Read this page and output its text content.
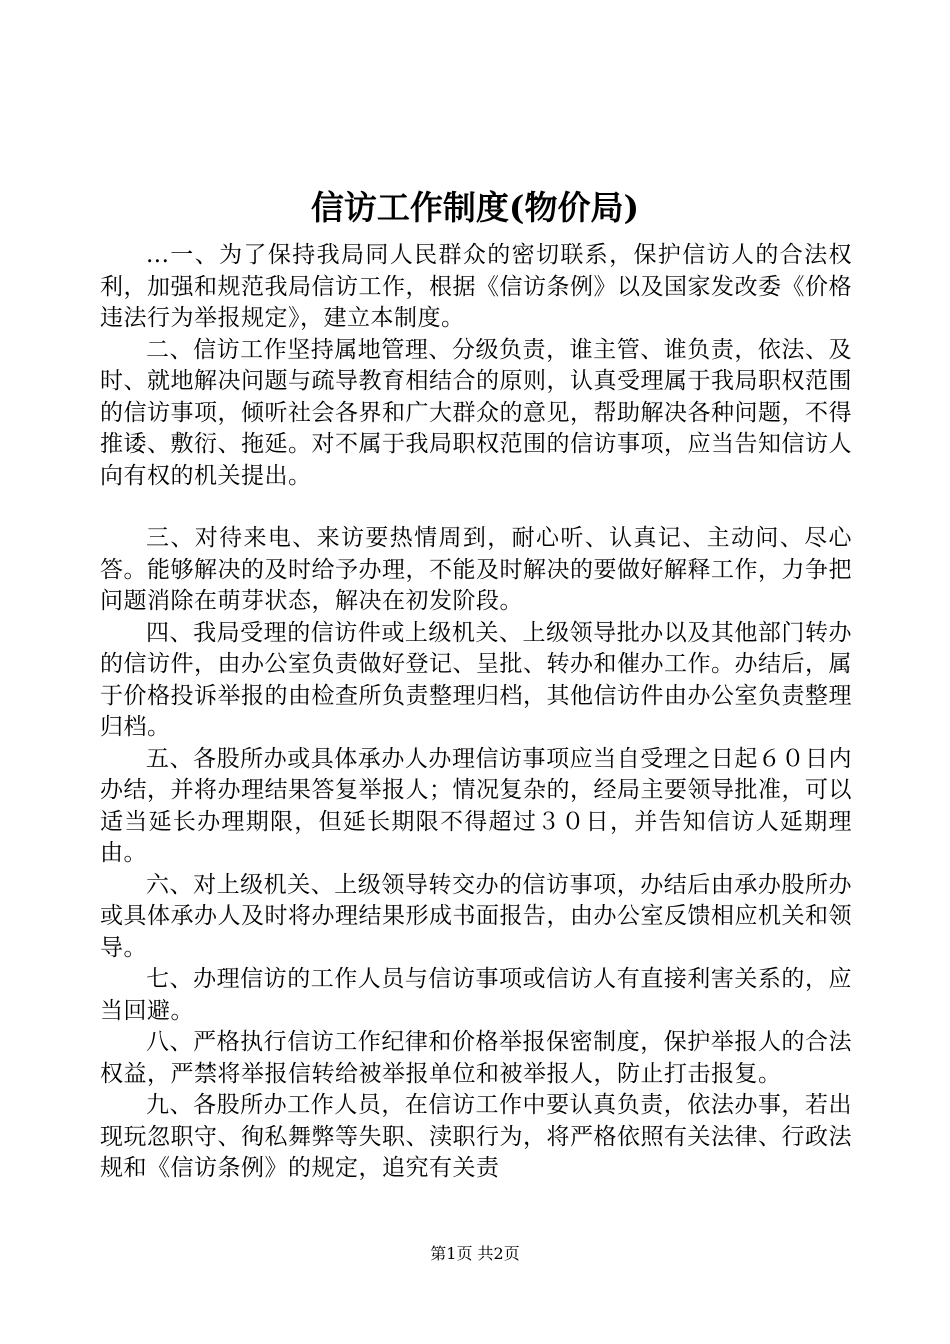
信访工作制度(物价局)

...一、为了保持我局同人民群众的密切联系，保护信访人的合法权利，加强和规范我局信访工作，根据《信访条例》以及国家发改委《价格违法行为举报规定》，建立本制度。

二、信访工作坚持属地管理、分级负责，谁主管、谁负责，依法、及时、就地解决问题与疏导教育相结合的原则，认真受理属于我局职权范围的信访事项，倾听社会各界和广大群众的意见，帮助解决各种问题，不得推诿、敷衍、拖延。对不属于我局职权范围的信访事项，应当告知信访人向有权的机关提出。

三、对待来电、来访要热情周到，耐心听、认真记、主动问、尽心答。能够解决的及时给予办理，不能及时解决的要做好解释工作，力争把问题消除在萌芽状态，解决在初发阶段。

四、我局受理的信访件或上级机关、上级领导批办以及其他部门转办的信访件，由办公室负责做好登记、呈批、转办和催办工作。办结后，属于价格投诉举报的由检查所负责整理归档，其他信访件由办公室负责整理归档。

五、各股所办或具体承办人办理信访事项应当自受理之日起６０日内办结，并将办理结果答复举报人；情况复杂的，经局主要领导批准，可以适当延长办理期限，但延长期限不得超过３０日，并告知信访人延期理由。

六、对上级机关、上级领导转交办的信访事项，办结后由承办股所办或具体承办人及时将办理结果形成书面报告，由办公室反馈相应机关和领导。

七、办理信访的工作人员与信访事项或信访人有直接利害关系的，应当回避。

八、严格执行信访工作纪律和价格举报保密制度，保护举报人的合法权益，严禁将举报信转给被举报单位和被举报人，防止打击报复。

九、各股所办工作人员，在信访工作中要认真负责，依法办事，若出现玩忽职守、徇私舞弊等失职、渎职行为，将严格依照有关法律、行政法规和《信访条例》的规定，追究有关责

第1页 共2页
